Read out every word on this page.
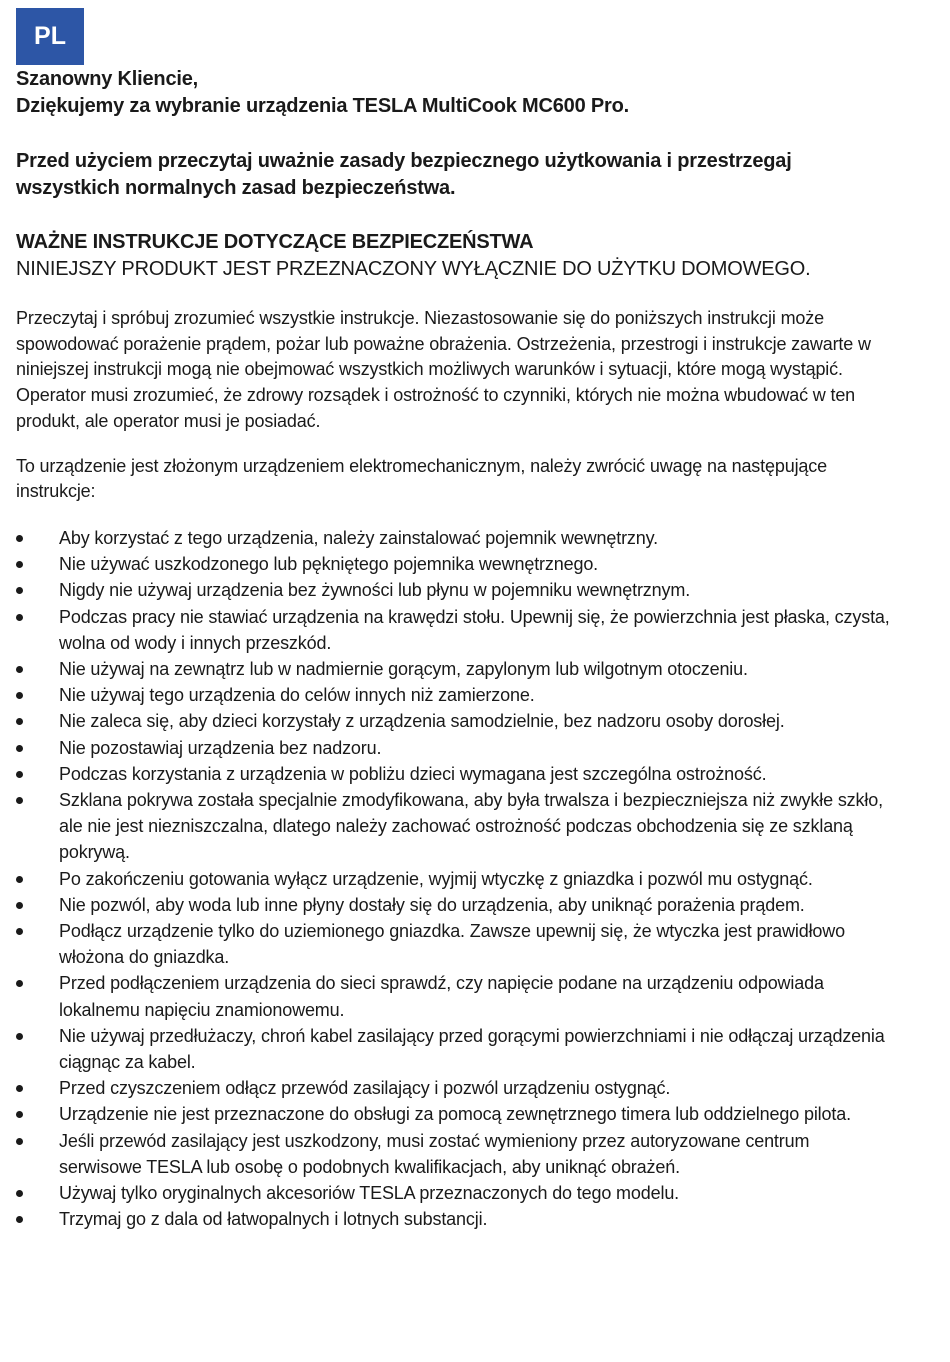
PL

Szanowny Kliencie,
Dziękujemy za wybranie urządzenia TESLA MultiCook MC600 Pro.

Przed użyciem przeczytaj uważnie zasady bezpiecznego użytkowania i przestrzegaj wszystkich normalnych zasad bezpieczeństwa.

WAŻNE INSTRUKCJE DOTYCZĄCE BEZPIECZEŃSTWA

NINIEJSZY PRODUKT JEST PRZEZNACZONY WYŁĄCZNIE DO UŻYTKU DOMOWEGO.

Przeczytaj i spróbuj zrozumieć wszystkie instrukcje. Niezastosowanie się do poniższych instrukcji może spowodować porażenie prądem, pożar lub poważne obrażenia. Ostrzeżenia, przestrogi i instrukcje zawarte w niniejszej instrukcji mogą nie obejmować wszystkich możliwych warunków i sytuacji, które mogą wystąpić. Operator musi zrozumieć, że zdrowy rozsądek i ostrożność to czynniki, których nie można wbudować w ten produkt, ale operator musi je posiadać.

To urządzenie jest złożonym urządzeniem elektromechanicznym, należy zwrócić uwagę na następujące instrukcje:

Aby korzystać z tego urządzenia, należy zainstalować pojemnik wewnętrzny.
Nie używać uszkodzonego lub pękniętego pojemnika wewnętrznego.
Nigdy nie używaj urządzenia bez żywności lub płynu w pojemniku wewnętrznym.
Podczas pracy nie stawiać urządzenia na krawędzi stołu. Upewnij się, że powierzchnia jest płaska, czysta, wolna od wody i innych przeszkód.
Nie używaj na zewnątrz lub w nadmiernie gorącym, zapylonym lub wilgotnym otoczeniu.
Nie używaj tego urządzenia do celów innych niż zamierzone.
Nie zaleca się, aby dzieci korzystały z urządzenia samodzielnie, bez nadzoru osoby dorosłej.
Nie pozostawiaj urządzenia bez nadzoru.
Podczas korzystania z urządzenia w pobliżu dzieci wymagana jest szczególna ostrożność.
Szklana pokrywa została specjalnie zmodyfikowana, aby była trwalsza i bezpieczniejsza niż zwykłe szkło, ale nie jest niezniszczalna, dlatego należy zachować ostrożność podczas obchodzenia się ze szklaną pokrywą.
Po zakończeniu gotowania wyłącz urządzenie, wyjmij wtyczkę z gniazdka i pozwól mu ostygnąć.
Nie pozwól, aby woda lub inne płyny dostały się do urządzenia, aby uniknąć porażenia prądem.
Podłącz urządzenie tylko do uziemionego gniazdka. Zawsze upewnij się, że wtyczka jest prawidłowo włożona do gniazdka.
Przed podłączeniem urządzenia do sieci sprawdź, czy napięcie podane na urządzeniu odpowiada lokalnemu napięciu znamionowemu.
Nie używaj przedłużaczy, chroń kabel zasilający przed gorącymi powierzchniami i nie odłączaj urządzenia ciągnąc za kabel.
Przed czyszczeniem odłącz przewód zasilający i pozwól urządzeniu ostygnąć.
Urządzenie nie jest przeznaczone do obsługi za pomocą zewnętrznego timera lub oddzielnego pilota.
Jeśli przewód zasilający jest uszkodzony, musi zostać wymieniony przez autoryzowane centrum serwisowe TESLA lub osobę o podobnych kwalifikacjach, aby uniknąć obrażeń.
Używaj tylko oryginalnych akcesoriów TESLA przeznaczonych do tego modelu.
Trzymaj go z dala od łatwopalnych i lotnych substancji.
